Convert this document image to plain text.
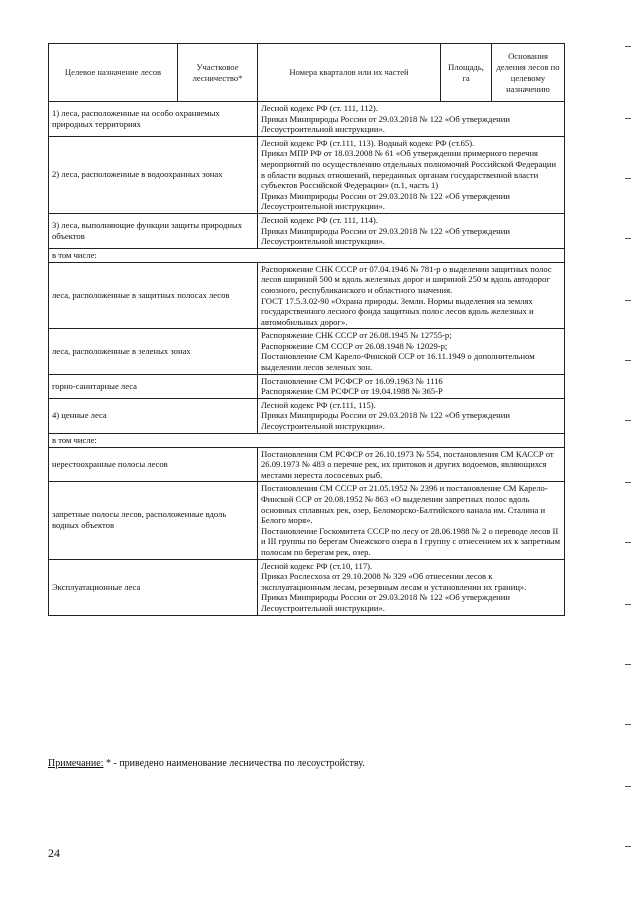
Целевое назначение лесов	Участковое лесничество*	Номера кварталов или их частей	Площадь, га	Основания деления лесов по целевому назначению
1) леса, расположенные на особо охраняемых природных территориях		Лесной кодекс РФ (ст. 111, 112).
Приказ Минприроды России от 29.03.2018 № 122 «Об утверждении Лесоустроительной инструкции».		

2) леса, расположенные в водоохранных зонах		Лесной кодекс РФ (ст.111, 113). Водный кодекс РФ (ст.65).
Приказ МПР РФ от 18.03.2008 № 61 «Об утверждении примерного перечня мероприятий по осуществлению отдельных полномочий Российской Федерации в области водных отношений, переданных органам государственной власти субъектов Российской Федерации» (п.1, часть 1)
Приказ Минприроды России от 29.03.2018 № 122 «Об утверждении Лесоустроительной инструкции».		

3) леса, выполняющие функции защиты природных объектов		Лесной кодекс РФ (ст. 111, 114).
Приказ Минприроды России от 29.03.2018 № 122 «Об утверждении Лесоустроительной инструкции».		

в том числе:				
леса, расположенные в защитных полосах лесов		Распоряжение СНК СССР от 07.04.1946 № 781-р о выделении защитных полос лесов шириной 500 м вдоль железных дорог и шириной 250 м вдоль автодорог союзного, республиканского и областного значения.
ГОСТ 17.5.3.02-90 «Охрана природы. Земли. Нормы выделения на землях государственного лесного фонда защитных полос лесов вдоль железных и автомобильных дорог».		

леса, расположенные в зеленых зонах		Распоряжение СНК СССР от 26.08.1945 № 12755-р;
Распоряжение СМ СССР от 26.08.1948 № 12029-р;
Постановление СМ Карело-Финской ССР от 16.11.1949 о дополнительном выделении лесов зеленых зон.		

горно-санитарные леса		Постановление СМ РСФСР от 16.09.1963 № 1116
Распоряжение СМ РСФСР от 19.04.1988 № 365-Р		

4) ценные леса		Лесной кодекс РФ (ст.111, 115).
Приказ Минприроды России от 29.03.2018 № 122 «Об утверждении Лесоустроительной инструкции».		

в том числе:				
нерестоохранные полосы лесов		Постановления СМ РСФСР от 26.10.1973 № 554, постановления СМ КАССР от 26.09.1973 № 483 о перечне рек, их притоков и других водоемов, являющихся местами нереста лососевых рыб.		

запретные полосы лесов, расположенные вдоль водных объектов		Постановления СМ СССР от 21.05.1952 № 2396 и постановление СМ Карело-Финской ССР от 20.08.1952 № 863 «О выделении запретных полос вдоль основных сплавных рек, озер, Беломорско-Балтийского канала им. Сталина и Белого моря».
Постановление Госкомитета СССР по лесу от 28.06.1988 № 2 о переводе лесов II и III группы по берегам Онежского озера в I группу с отнесением их к запретным полосам по берегам рек, озер.		

Эксплуатационные леса		Лесной кодекс РФ (ст.10, 117).
Приказ Рослесхоза от 29.10.2008 № 329 «Об отнесении лесов к эксплуатационным лесам, резервным лесам и установлении их границ».
Приказ Минприроды России от 29.03.2018 № 122 «Об утверждении Лесоустроительной инструкции».		
Примечание: * - приведено наименование лесничества по лесоустройству.
24
